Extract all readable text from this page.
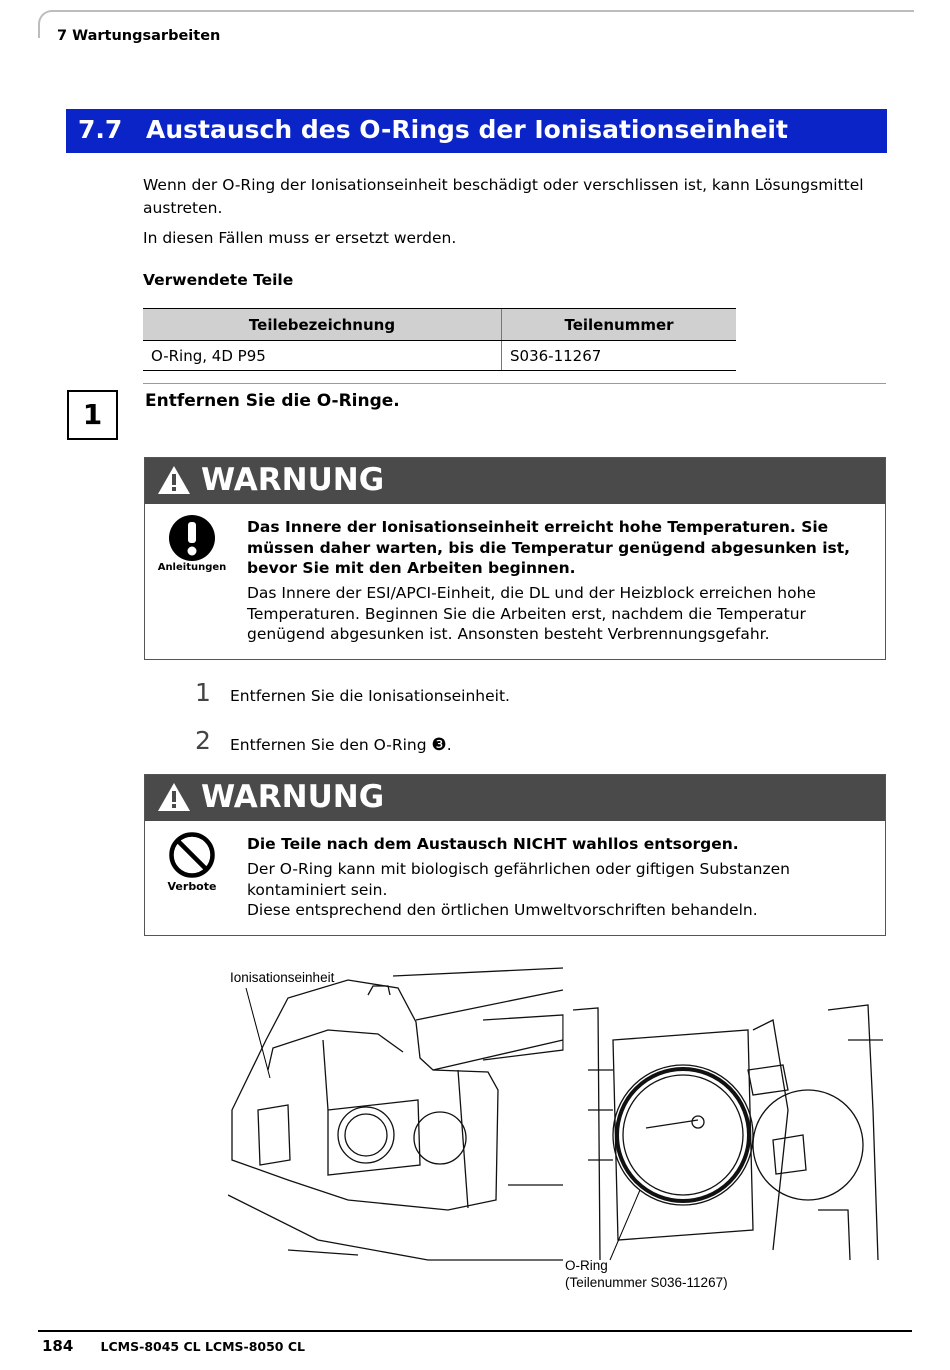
7 Wartungsarbeiten
7.7 Austausch des O-Rings der Ionisationseinheit
Wenn der O-Ring der Ionisationseinheit beschädigt oder verschlissen ist, kann Lösungsmittel austreten.
In diesen Fällen muss er ersetzt werden.
Verwendete Teile
Teilebezeichnung	Teilenummer
O-Ring, 4D P95	S036-11267
1	Entfernen Sie die O-Ringe.
WARNUNG
Anleitungen
Das Innere der Ionisationseinheit erreicht hohe Temperaturen. Sie müssen daher warten, bis die Temperatur genügend abgesunken ist, bevor Sie mit den Arbeiten beginnen.
Das Innere der ESI/APCI-Einheit, die DL und der Heizblock erreichen hohe Temperaturen. Beginnen Sie die Arbeiten erst, nachdem die Temperatur genügend abgesunken ist. Ansonsten besteht Verbrennungsgefahr.
1 Entfernen Sie die Ionisationseinheit.
2 Entfernen Sie den O-Ring ❸.
WARNUNG
Verbote
Die Teile nach dem Austausch NICHT wahllos entsorgen.
Der O-Ring kann mit biologisch gefährlichen oder giftigen Substanzen kontaminiert sein.
Diese entsprechend den örtlichen Umweltvorschriften behandeln.
Ionisationseinheit
O-Ring
(Teilenummer S036-11267)
184 LCMS-8045 CL LCMS-8050 CL
